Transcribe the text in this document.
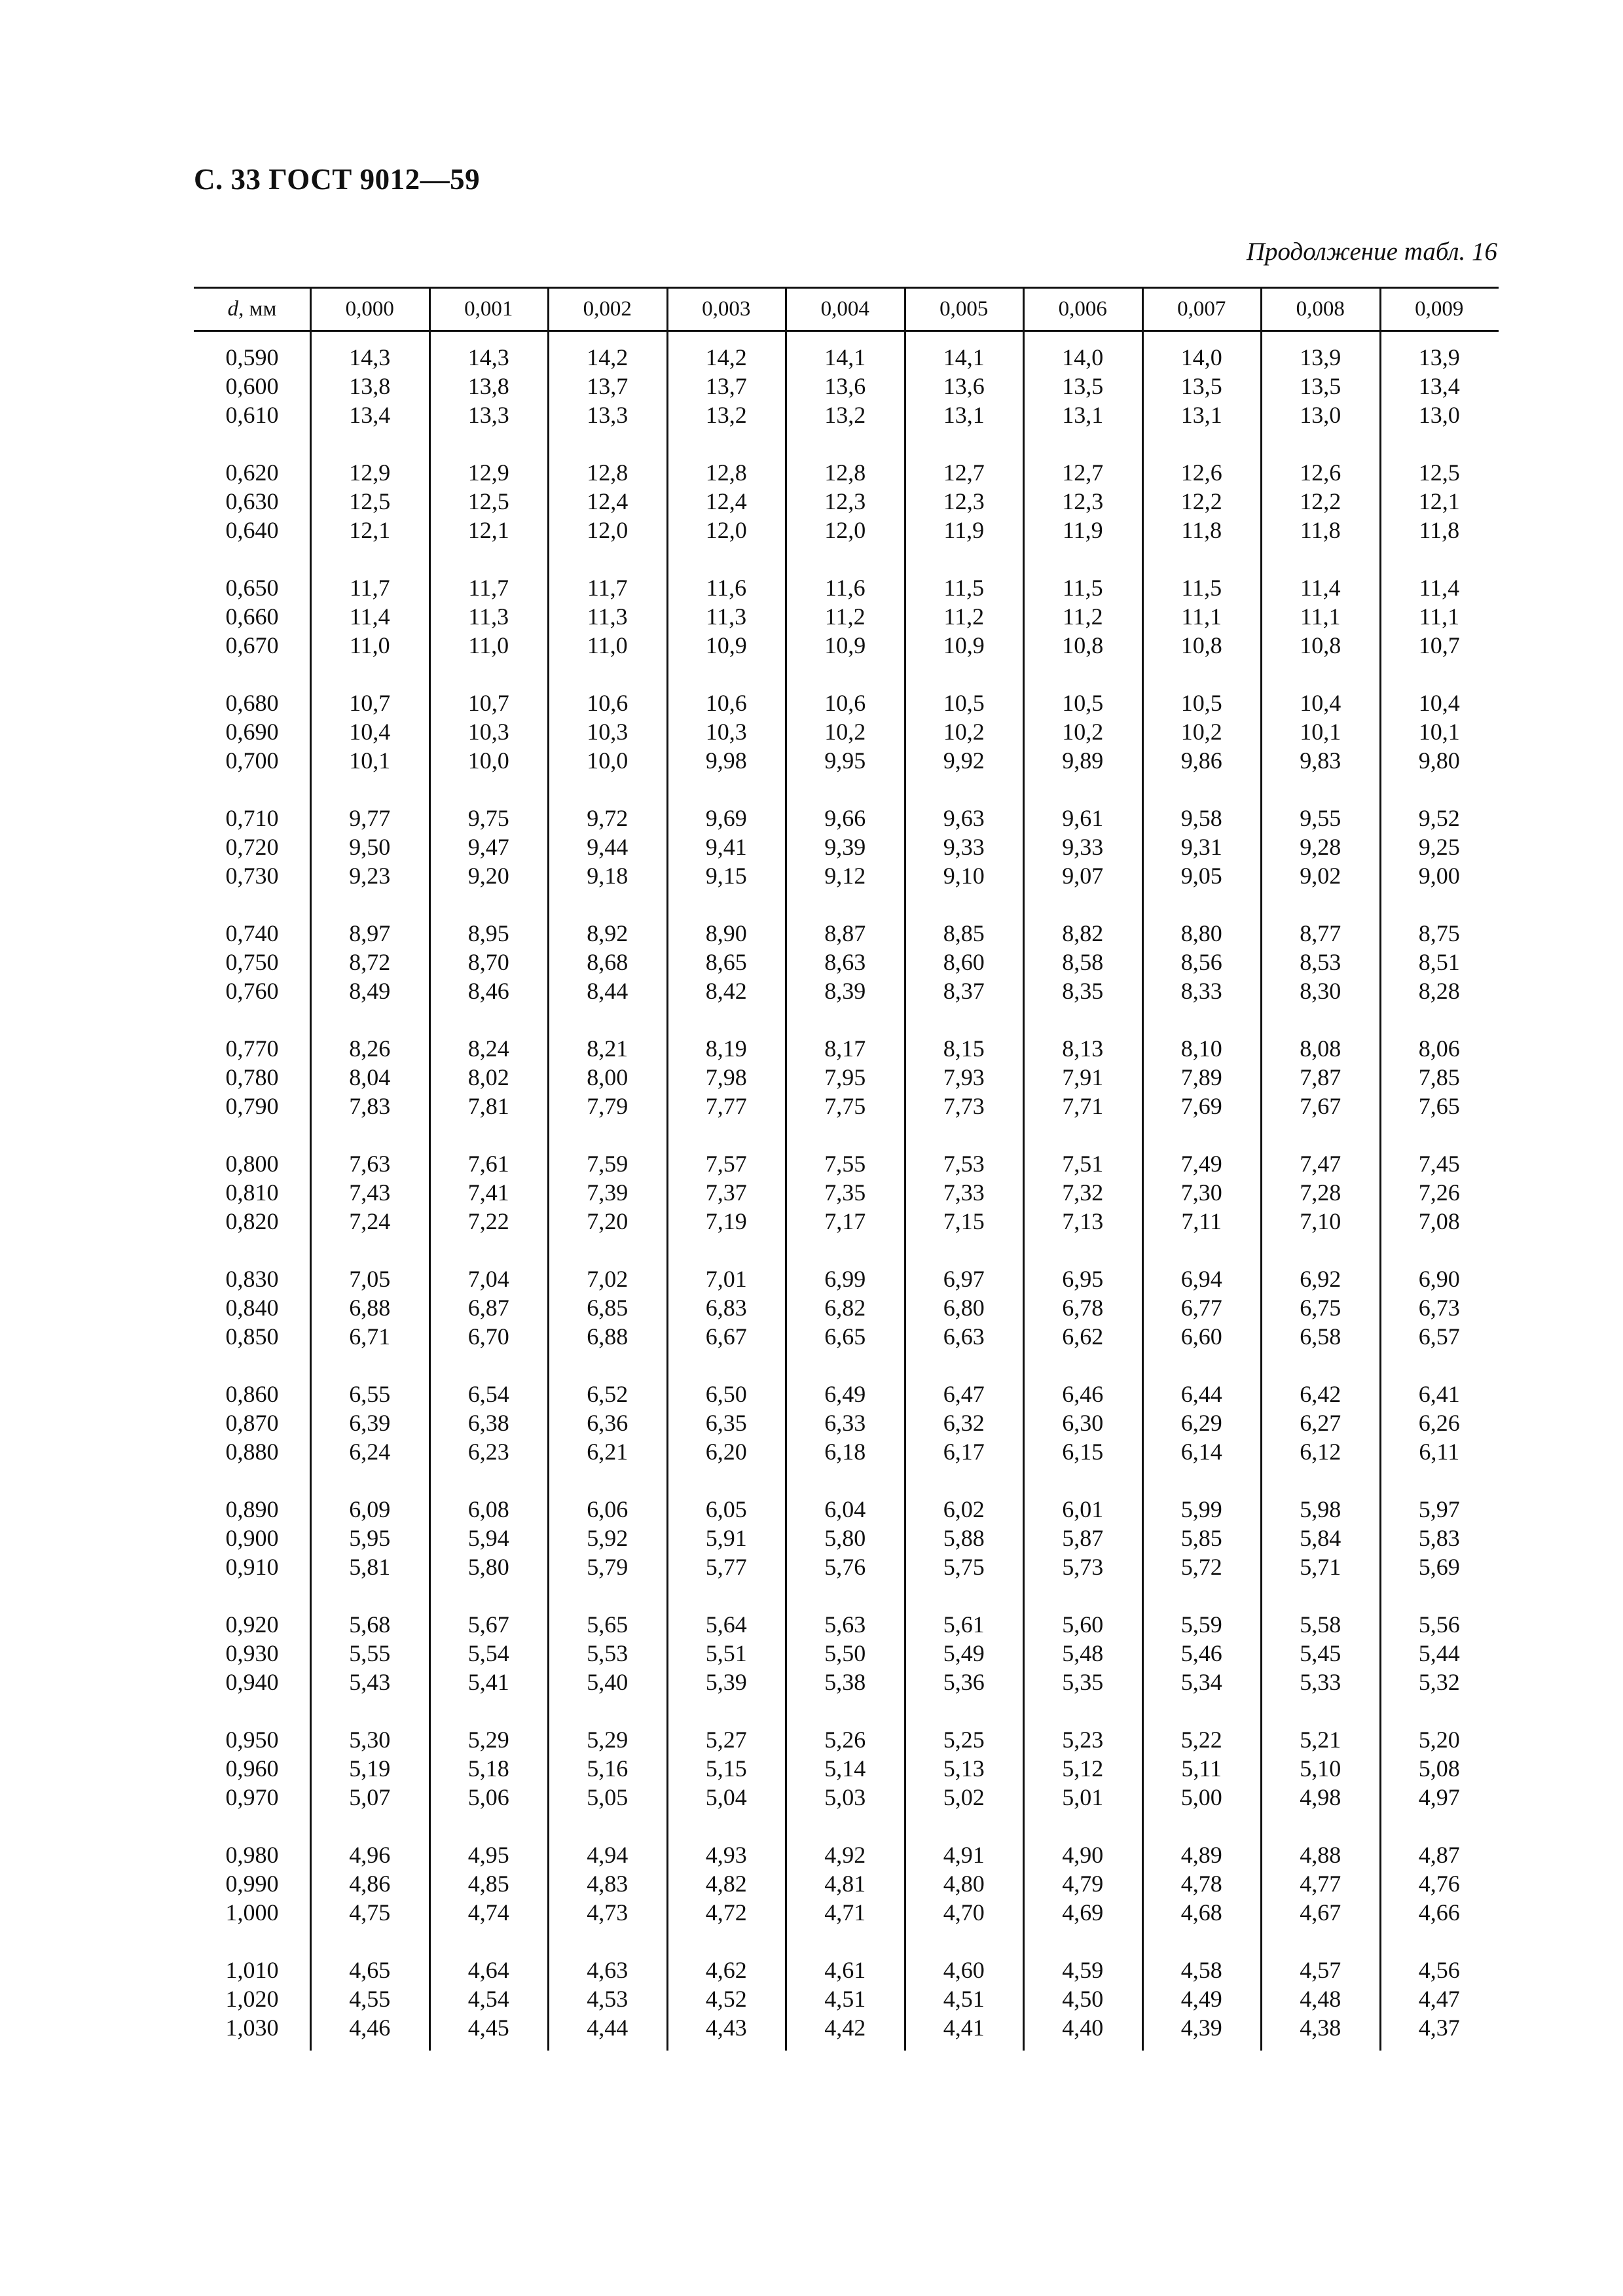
С. 33 ГОСТ 9012—59
Продолжение табл. 16
d, мм	0,000	0,001	0,002	0,003	0,004	0,005	0,006	0,007	0,008	0,009
0,590	14,3	14,3	14,2	14,2	14,1	14,1	14,0	14,0	13,9	13,9
0,600	13,8	13,8	13,7	13,7	13,6	13,6	13,5	13,5	13,5	13,4
0,610	13,4	13,3	13,3	13,2	13,2	13,1	13,1	13,1	13,0	13,0
0,620	12,9	12,9	12,8	12,8	12,8	12,7	12,7	12,6	12,6	12,5
0,630	12,5	12,5	12,4	12,4	12,3	12,3	12,3	12,2	12,2	12,1
0,640	12,1	12,1	12,0	12,0	12,0	11,9	11,9	11,8	11,8	11,8
0,650	11,7	11,7	11,7	11,6	11,6	11,5	11,5	11,5	11,4	11,4
0,660	11,4	11,3	11,3	11,3	11,2	11,2	11,2	11,1	11,1	11,1
0,670	11,0	11,0	11,0	10,9	10,9	10,9	10,8	10,8	10,8	10,7
0,680	10,7	10,7	10,6	10,6	10,6	10,5	10,5	10,5	10,4	10,4
0,690	10,4	10,3	10,3	10,3	10,2	10,2	10,2	10,2	10,1	10,1
0,700	10,1	10,0	10,0	9,98	9,95	9,92	9,89	9,86	9,83	9,80
0,710	9,77	9,75	9,72	9,69	9,66	9,63	9,61	9,58	9,55	9,52
0,720	9,50	9,47	9,44	9,41	9,39	9,33	9,33	9,31	9,28	9,25
0,730	9,23	9,20	9,18	9,15	9,12	9,10	9,07	9,05	9,02	9,00
0,740	8,97	8,95	8,92	8,90	8,87	8,85	8,82	8,80	8,77	8,75
0,750	8,72	8,70	8,68	8,65	8,63	8,60	8,58	8,56	8,53	8,51
0,760	8,49	8,46	8,44	8,42	8,39	8,37	8,35	8,33	8,30	8,28
0,770	8,26	8,24	8,21	8,19	8,17	8,15	8,13	8,10	8,08	8,06
0,780	8,04	8,02	8,00	7,98	7,95	7,93	7,91	7,89	7,87	7,85
0,790	7,83	7,81	7,79	7,77	7,75	7,73	7,71	7,69	7,67	7,65
0,800	7,63	7,61	7,59	7,57	7,55	7,53	7,51	7,49	7,47	7,45
0,810	7,43	7,41	7,39	7,37	7,35	7,33	7,32	7,30	7,28	7,26
0,820	7,24	7,22	7,20	7,19	7,17	7,15	7,13	7,11	7,10	7,08
0,830	7,05	7,04	7,02	7,01	6,99	6,97	6,95	6,94	6,92	6,90
0,840	6,88	6,87	6,85	6,83	6,82	6,80	6,78	6,77	6,75	6,73
0,850	6,71	6,70	6,88	6,67	6,65	6,63	6,62	6,60	6,58	6,57
0,860	6,55	6,54	6,52	6,50	6,49	6,47	6,46	6,44	6,42	6,41
0,870	6,39	6,38	6,36	6,35	6,33	6,32	6,30	6,29	6,27	6,26
0,880	6,24	6,23	6,21	6,20	6,18	6,17	6,15	6,14	6,12	6,11
0,890	6,09	6,08	6,06	6,05	6,04	6,02	6,01	5,99	5,98	5,97
0,900	5,95	5,94	5,92	5,91	5,80	5,88	5,87	5,85	5,84	5,83
0,910	5,81	5,80	5,79	5,77	5,76	5,75	5,73	5,72	5,71	5,69
0,920	5,68	5,67	5,65	5,64	5,63	5,61	5,60	5,59	5,58	5,56
0,930	5,55	5,54	5,53	5,51	5,50	5,49	5,48	5,46	5,45	5,44
0,940	5,43	5,41	5,40	5,39	5,38	5,36	5,35	5,34	5,33	5,32
0,950	5,30	5,29	5,29	5,27	5,26	5,25	5,23	5,22	5,21	5,20
0,960	5,19	5,18	5,16	5,15	5,14	5,13	5,12	5,11	5,10	5,08
0,970	5,07	5,06	5,05	5,04	5,03	5,02	5,01	5,00	4,98	4,97
0,980	4,96	4,95	4,94	4,93	4,92	4,91	4,90	4,89	4,88	4,87
0,990	4,86	4,85	4,83	4,82	4,81	4,80	4,79	4,78	4,77	4,76
1,000	4,75	4,74	4,73	4,72	4,71	4,70	4,69	4,68	4,67	4,66
1,010	4,65	4,64	4,63	4,62	4,61	4,60	4,59	4,58	4,57	4,56
1,020	4,55	4,54	4,53	4,52	4,51	4,51	4,50	4,49	4,48	4,47
1,030	4,46	4,45	4,44	4,43	4,42	4,41	4,40	4,39	4,38	4,37
